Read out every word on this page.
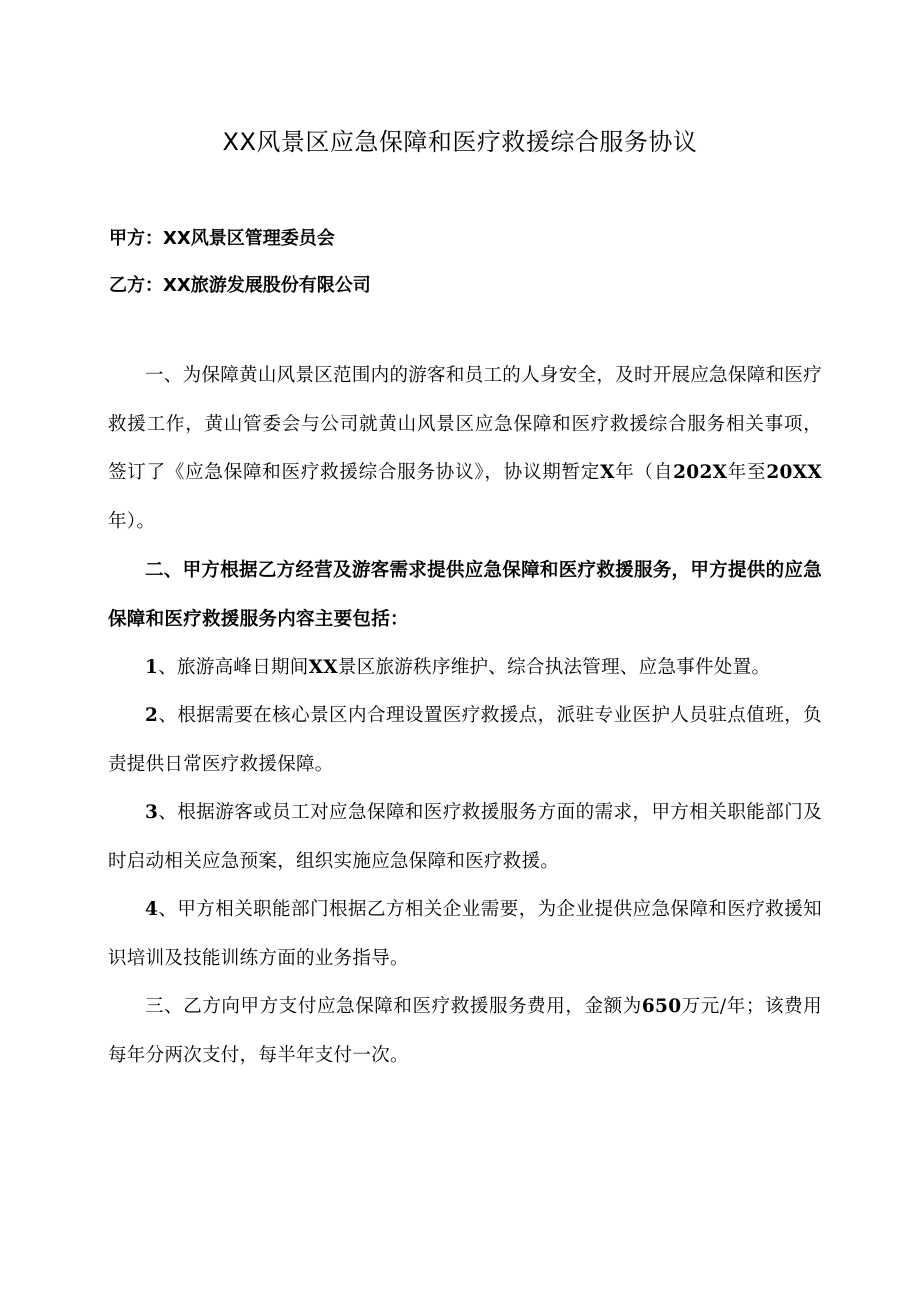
XX风景区应急保障和医疗救援综合服务协议
甲方：XX风景区管理委员会
乙方：XX旅游发展股份有限公司
一、为保障黄山风景区范围内的游客和员工的人身安全，及时开展应急保障和医疗救援工作，黄山管委会与公司就黄山风景区应急保障和医疗救援综合服务相关事项，签订了《应急保障和医疗救援综合服务协议》，协议期暂定X年（自202X年至20XX年）。
二、甲方根据乙方经营及游客需求提供应急保障和医疗救援服务，甲方提供的应急保障和医疗救援服务内容主要包括：
1、旅游高峰日期间XX景区旅游秩序维护、综合执法管理、应急事件处置。
2、根据需要在核心景区内合理设置医疗救援点，派驻专业医护人员驻点值班，负责提供日常医疗救援保障。
3、根据游客或员工对应急保障和医疗救援服务方面的需求，甲方相关职能部门及时启动相关应急预案，组织实施应急保障和医疗救援。
4、甲方相关职能部门根据乙方相关企业需要，为企业提供应急保障和医疗救援知识培训及技能训练方面的业务指导。
三、乙方向甲方支付应急保障和医疗救援服务费用，金额为650万元/年；该费用每年分两次支付，每半年支付一次。
